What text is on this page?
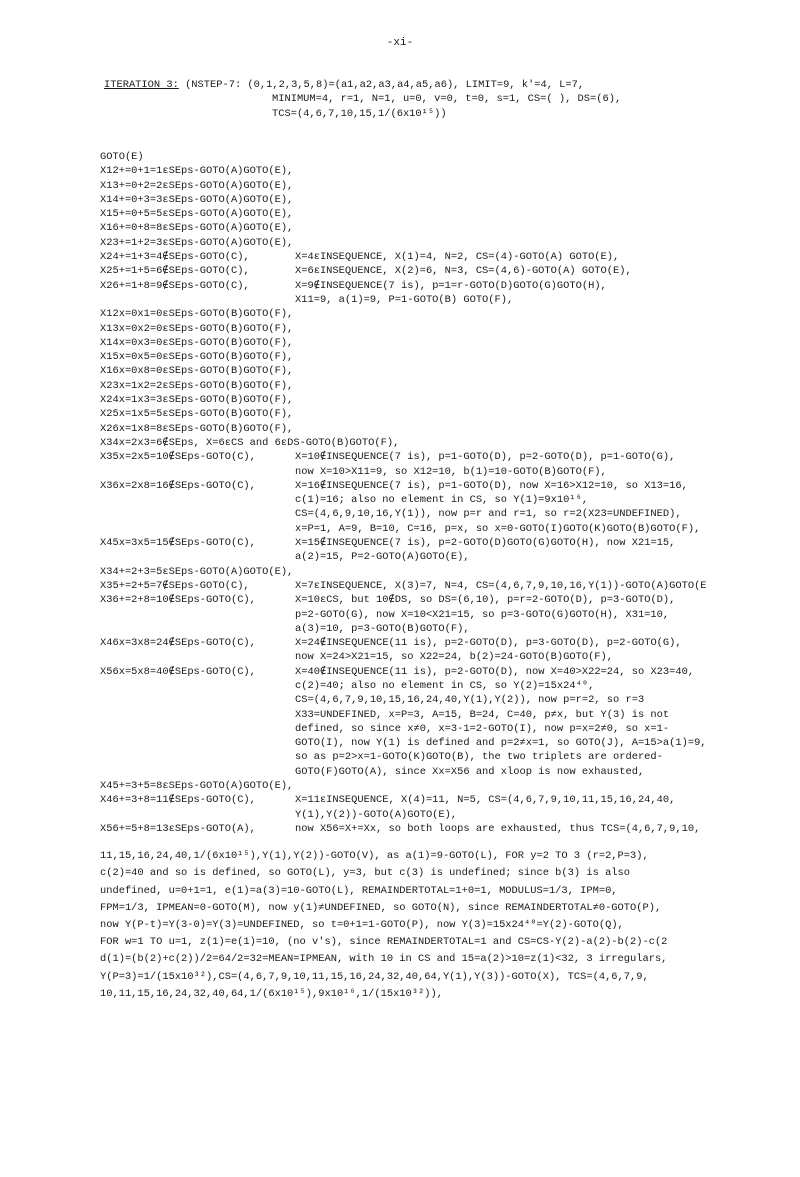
-xi-
ITERATION 3: (NSTEP-7: (0,1,2,3,5,8)=(a1,a2,a3,a4,a5,a6), LIMIT=9, k'=4, L=7,
MINIMUM=4, r=1, N=1, u=0, v=0, t=0, s=1, CS=( ), DS=(6),
TCS=(4,6,7,10,15,1/(6x10¹⁵))
GOTO(E)
X12+=0+1=1εSEps-GOTO(A)GOTO(E),
X13+=0+2=2εSEps-GOTO(A)GOTO(E),
X14+=0+3=3εSEps-GOTO(A)GOTO(E),
X15+=0+5=5εSEps-GOTO(A)GOTO(E),
X16+=0+8=8εSEps-GOTO(A)GOTO(E),
X23+=1+2=3εSEps-GOTO(A)GOTO(E),
X24+=1+3=4∉SEps-GOTO(C),	X=4εINSEQUENCE, X(1)=4, N=2, CS=(4)-GOTO(A) GOTO(E),
X25+=1+5=6∉SEps-GOTO(C),	X=6εINSEQUENCE, X(2)=6, N=3, CS=(4,6)-GOTO(A) GOTO(E),
X26+=1+8=9∉SEps-GOTO(C),	X=9∉INSEQUENCE(7 is), p=1=r-GOTO(D)GOTO(G)GOTO(H),
X11=9, a(1)=9, P=1-GOTO(B) GOTO(F),
X12x=0x1=0εSEps-GOTO(B)GOTO(F),
X13x=0x2=0εSEps-GOTO(B)GOTO(F),
X14x=0x3=0εSEps-GOTO(B)GOTO(F),
X15x=0x5=0εSEps-GOTO(B)GOTO(F),
X16x=0x8=0εSEps-GOTO(B)GOTO(F),
X23x=1x2=2εSEps-GOTO(B)GOTO(F),
X24x=1x3=3εSEps-GOTO(B)GOTO(F),
X25x=1x5=5εSEps-GOTO(B)GOTO(F),
X26x=1x8=8εSEps-GOTO(B)GOTO(F),
X34x=2x3=6∉SEps, X=6εCS and 6εDS-GOTO(B)GOTO(F),
X35x=2x5=10∉SEps-GOTO(C),	X=10∉INSEQUENCE(7 is), p=1-GOTO(D), p=2-GOTO(D), p=1-GOTO(G),
now X=10>X11=9, so X12=10, b(1)=10-GOTO(B)GOTO(F),
X36x=2x8=16∉SEps-GOTO(C),	X=16∉INSEQUENCE(7 is), p=1-GOTO(D), now X=16>X12=10, so X13=16,
c(1)=16; also no element in CS, so Y(1)=9x10¹⁶,
CS=(4,6,9,10,16,Y(1)), now p=r and r=1, so r=2(X23=UNDEFINED),
x=P=1, A=9, B=10, C=16, p=x, so x=0-GOTO(I)GOTO(K)GOTO(B)GOTO(F),
X45x=3x5=15∉SEps-GOTO(C),	X=15∉INSEQUENCE(7 is), p=2-GOTO(D)GOTO(G)GOTO(H), now X21=15,
a(2)=15, P=2-GOTO(A)GOTO(E),
X34+=2+3=5εSEps-GOTO(A)GOTO(E),
X35+=2+5=7∉SEps-GOTO(C),	X=7εINSEQUENCE, X(3)=7, N=4, CS=(4,6,7,9,10,16,Y(1))-GOTO(A)GOTO(E
X36+=2+8=10∉SEps-GOTO(C),	X=10εCS, but 10∉DS, so DS=(6,10), p=r=2-GOTO(D), p=3-GOTO(D),
p=2-GOTO(G), now X=10<X21=15, so p=3-GOTO(G)GOTO(H), X31=10,
a(3)=10, p=3-GOTO(B)GOTO(F),
X46x=3x8=24∉SEps-GOTO(C),	X=24∉INSEQUENCE(11 is), p=2-GOTO(D), p=3-GOTO(D), p=2-GOTO(G),
now X=24>X21=15, so X22=24, b(2)=24-GOTO(B)GOTO(F),
X56x=5x8=40∉SEps-GOTO(C),	X=40∉INSEQUENCE(11 is), p=2-GOTO(D), now X=40>X22=24, so X23=40,
c(2)=40; also no element in CS, so Y(2)=15x24⁴⁰,
CS=(4,6,7,9,10,15,16,24,40,Y(1),Y(2)), now p=r=2, so r=3
X33=UNDEFINED, x=P=3, A=15, B=24, C=40, p≠x, but Y(3) is not
defined, so since x≠0, x=3-1=2-GOTO(I), now p=x=2≠0, so x=1-
GOTO(I), now Y(1) is defined and p=2≠x=1, so GOTO(J), A=15>a(1)=9,
so as p=2>x=1-GOTO(K)GOTO(B), the two triplets are ordered-
GOTO(F)GOTO(A), since Xx=X56 and xloop is now exhausted,
X45+=3+5=8εSEps-GOTO(A)GOTO(E),
X46+=3+8=11∉SEps-GOTO(C),	X=11εINSEQUENCE, X(4)=11, N=5, CS=(4,6,7,9,10,11,15,16,24,40,
Y(1),Y(2))-GOTO(A)GOTO(E),
X56+=5+8=13εSEps-GOTO(A),	now X56=X+=Xx, so both loops are exhausted, thus TCS=(4,6,7,9,10,
11,15,16,24,40,1/(6x10¹⁵),Y(1),Y(2))-GOTO(V), as a(1)=9-GOTO(L), FOR y=2 TO 3 (r=2,P=3),
c(2)=40 and so is defined, so GOTO(L), y=3, but c(3) is undefined; since b(3) is also
undefined, u=0+1=1, e(1)=a(3)=10-GOTO(L), REMAINDERTOTAL=1+0=1, MODULUS=1/3, IPM=0,
FPM=1/3, IPMEAN=0-GOTO(M), now y(1)≠UNDEFINED, so GOTO(N), since REMAINDERTOTAL≠0-GOTO(P),
now Y(P-t)=Y(3-0)=Y(3)=UNDEFINED, so t=0+1=1-GOTO(P), now Y(3)=15x24⁴⁰=Y(2)-GOTO(Q),
FOR w=1 TO u=1, z(1)=e(1)=10, (no v's), since REMAINDERTOTAL=1 and CS=CS-Y(2)-a(2)-b(2)-c(2
d(1)=(b(2)+c(2))/2=64/2=32=MEAN=IPMEAN, with 10 in CS and 15=a(2)>10=z(1)<32, 3 irregulars,
Y(P=3)=1/(15x10³²),CS=(4,6,7,9,10,11,15,16,24,32,40,64,Y(1),Y(3))-GOTO(X), TCS=(4,6,7,9,
10,11,15,16,24,32,40,64,1/(6x10¹⁵),9x10¹⁶,1/(15x10³²)),
